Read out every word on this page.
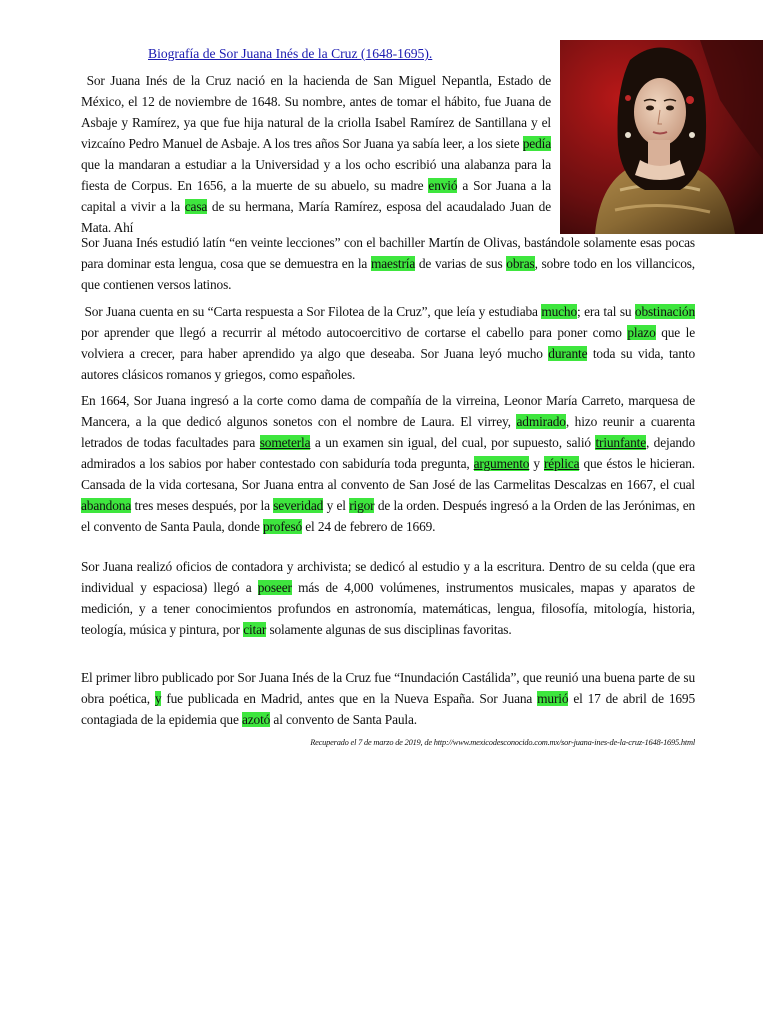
Biografía de Sor Juana Inés de la Cruz (1648-1695).

Sor Juana Inés de la Cruz nació en la hacienda de San Miguel Nepantla, Estado de México, el 12 de noviembre de 1648. Su nombre, antes de tomar el hábito, fue Juana de Asbaje y Ramírez, ya que fue hija natural de la criolla Isabel Ramírez de Santillana y el vizcaíno Pedro Manuel de Asbaje. A los tres años Sor Juana ya sabía leer, a los siete pedía que la mandaran a estudiar a la Universidad y a los ocho escribió una alabanza para la fiesta de Corpus. En 1656, a la muerte de su abuelo, su madre envió a Sor Juana a la capital a vivir a la casa de su hermana, María Ramírez, esposa del acaudalado Juan de Mata. Ahí

Sor Juana Inés estudió latín “en veinte lecciones” con el bachiller Martín de Olivas, bastándole solamente esas pocas para dominar esta lengua, cosa que se demuestra en la maestría de varias de sus obras, sobre todo en los villancicos, que contienen versos latinos.

Sor Juana cuenta en su “Carta respuesta a Sor Filotea de la Cruz”, que leía y estudiaba mucho; era tal su obstinación por aprender que llegó a recurrir al método autocoercitivo de cortarse el cabello para poner como plazo que le volviera a crecer, para haber aprendido ya algo que deseaba. Sor Juana leyó mucho durante toda su vida, tanto autores clásicos romanos y griegos, como españoles.

En 1664, Sor Juana ingresó a la corte como dama de compañía de la virreina, Leonor María Carreto, marquesa de Mancera, a la que dedicó algunos sonetos con el nombre de Laura. El virrey, admirado, hizo reunir a cuarenta letrados de todas facultades para someterla a un examen sin igual, del cual, por supuesto, salió triunfante, dejando admirados a los sabios por haber contestado con sabiduría toda pregunta, argumento y réplica que éstos le hicieran. Cansada de la vida cortesana, Sor Juana entra al convento de San José de las Carmelitas Descalzas en 1667, el cual abandona tres meses después, por la severidad y el rigor de la orden. Después ingresó a la Orden de las Jerónimas, en el convento de Santa Paula, donde profesó el 24 de febrero de 1669.

Sor Juana realizó oficios de contadora y archivista; se dedicó al estudio y a la escritura. Dentro de su celda (que era individual y espaciosa) llegó a poseer más de 4,000 volúmenes, instrumentos musicales, mapas y aparatos de medición, y a tener conocimientos profundos en astronomía, matemáticas, lengua, filosofía, mitología, historia, teología, música y pintura, por citar solamente algunas de sus disciplinas favoritas.

El primer libro publicado por Sor Juana Inés de la Cruz fue “Inundación Castálida”, que reunió una buena parte de su obra poética, y fue publicada en Madrid, antes que en la Nueva España. Sor Juana murió el 17 de abril de 1695 contagiada de la epidemia que azotó al convento de Santa Paula.

Recuperado el 7 de marzo de 2019, de http://www.mexicodesconocido.com.mx/sor-juana-ines-de-la-cruz-1648-1695.html
